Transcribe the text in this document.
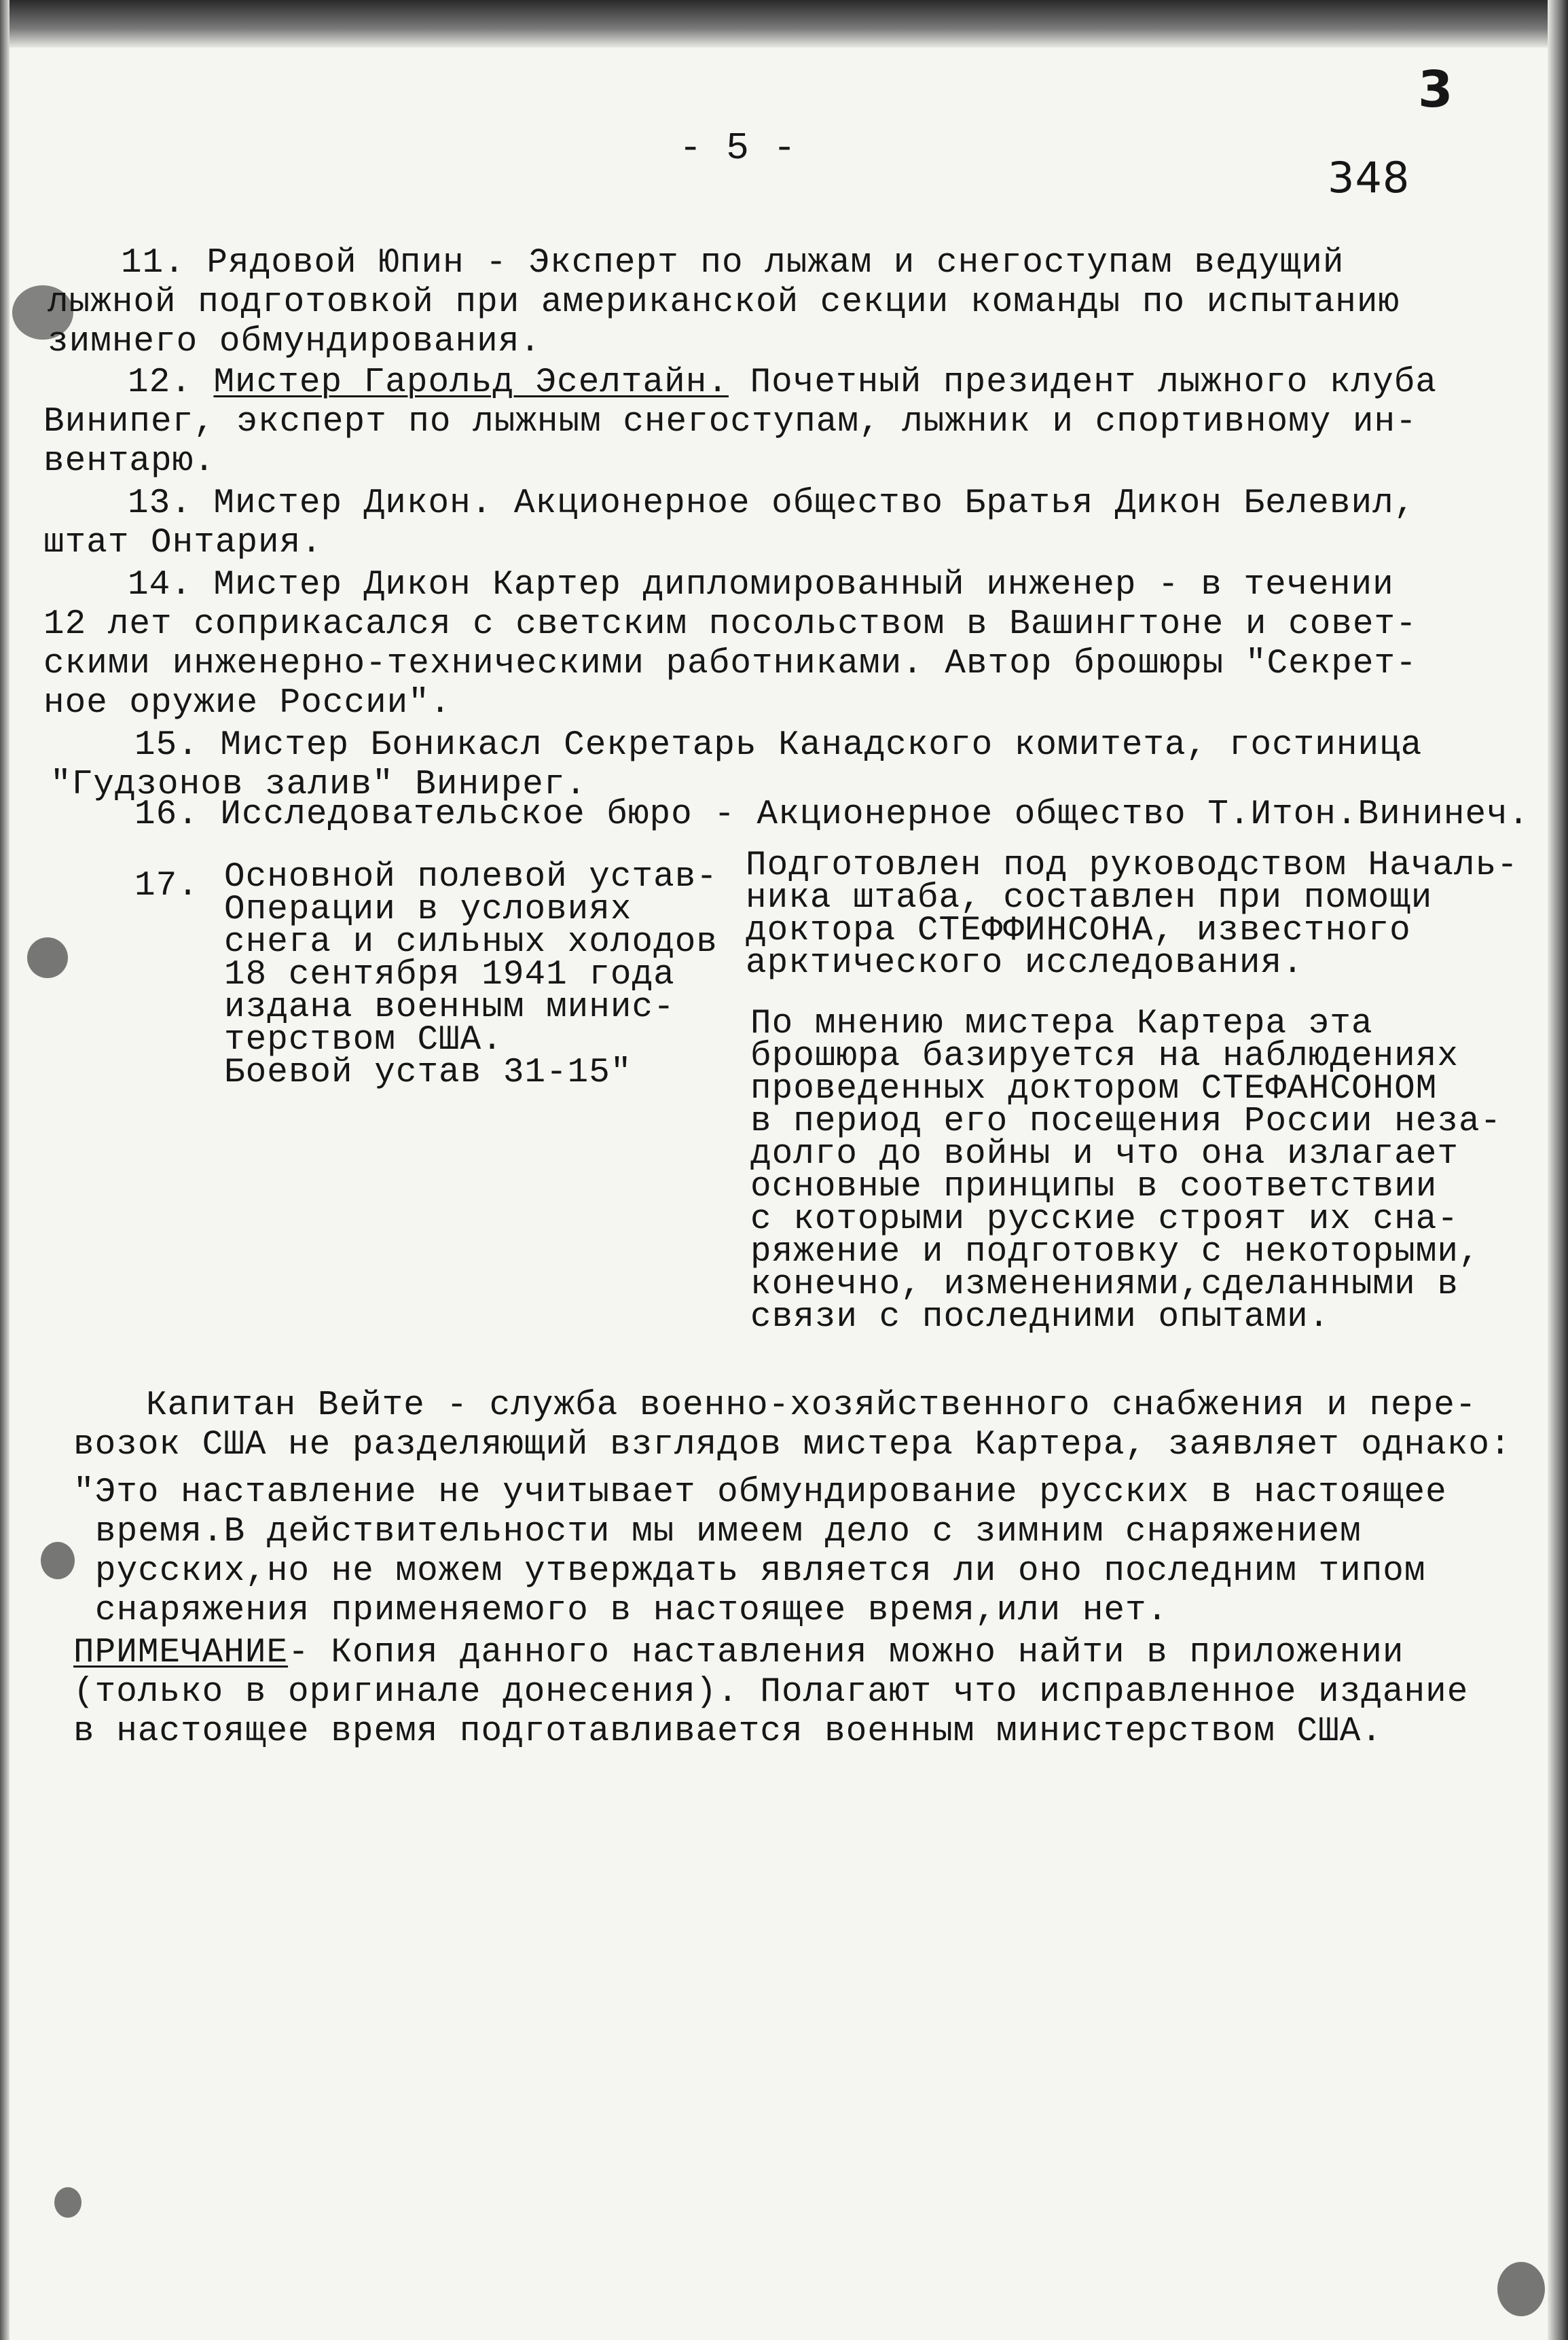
- 5 -

3

348

11. Рядовой Юпин - Эксперт по лыжам и снегоступам ведущий

лыжной подготовкой при американской секции команды по испытанию

зимнего обмундирования.

12. Мистер Гарольд Эселтайн. Почетный президент лыжного клуба

Винипег, эксперт по лыжным снегоступам, лыжник и спортивному ин-

вентарю.

13. Мистер Дикон. Акционерное общество Братья Дикон Белевил,

штат Онтария.

14. Мистер Дикон Картер дипломированный инженер - в течении

12 лет соприкасался с светским посольством в Вашингтоне и совет-

скими инженерно-техническими работниками. Автор брошюры "Секрет-

ное оружие России".

15. Мистер Боникасл Секретарь Канадского комитета, гостиница

"Гудзонов залив" Винирег.

16. Исследовательское бюро - Акционерное общество Т.Итон.Вининеч.

17. Основной полевой устав-

Операции в условиях

снега и сильных холодов

18 сентября 1941 года

издана военным минис-

терством США.

Боевой устав 31-15"

Подготовлен под руководством Началь-

ника штаба, составлен при помощи

доктора СТЕФФИНСОНА, известного

арктического исследования.

По мнению мистера Картера эта

брошюра базируется на наблюдениях

проведенных доктором СТЕФАНСОНОМ

в период его посещения России неза-

долго до войны и что она излагает

основные принципы в соответствии

с которыми русские строят их сна-

ряжение и подготовку с некоторыми,

конечно, изменениями,сделанными в

связи с последними опытами.

Капитан Вейте - служба военно-хозяйственного снабжения и пере-

возок США не разделяющий взглядов мистера Картера, заявляет однако:

"Это наставление не учитывает обмундирование русских в настоящее

время.В действительности мы имеем дело с зимним снаряжением

русских,но не можем утверждать является ли оно последним типом

снаряжения применяемого в настоящее время,или нет.

ПРИМЕЧАНИЕ- Копия данного наставления можно найти в приложении

(только в оригинале донесения). Полагают что исправленное издание

в настоящее время подготавливается военным министерством США.
